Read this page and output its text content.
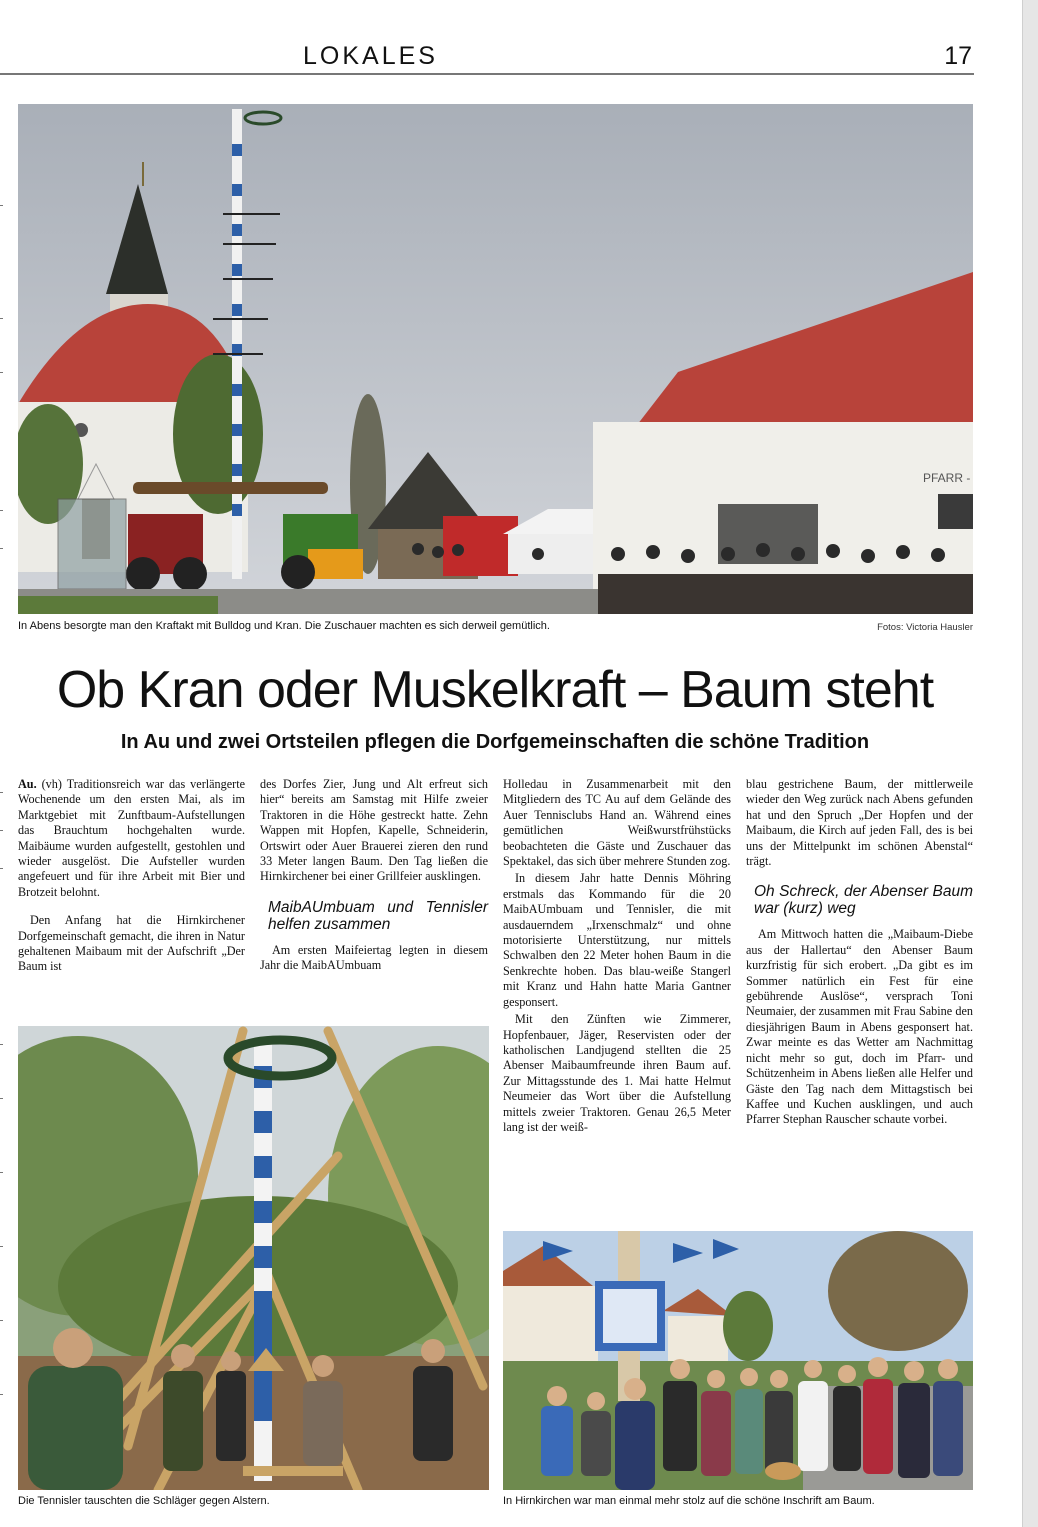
LOKALES	17
PFARR -
In Abens besorgte man den Kraftakt mit Bulldog und Kran. Die Zuschauer machten es sich derweil gemütlich.	Fotos: Victoria Hausler
Ob Kran oder Muskelkraft – Baum steht
In Au und zwei Ortsteilen pflegen die Dorfgemeinschaften die schöne Tradition

Au. (vh) Traditionsreich war das verlängerte Wochenende um den ersten Mai, als im Marktgebiet mit Zunftbaum-Aufstellungen das Brauchtum hochgehalten wurde. Maibäume wurden aufgestellt, gestohlen und wieder ausgelöst. Die Aufsteller wurden angefeuert und für ihre Arbeit mit Bier und Brotzeit belohnt.

Den Anfang hat die Hirnkirchener Dorfgemeinschaft gemacht, die ihren in Natur gehaltenen Maibaum mit der Aufschrift „Der Baum ist

des Dorfes Zier, Jung und Alt erfreut sich hier“ bereits am Samstag mit Hilfe zweier Traktoren in die Höhe gestreckt hatte. Zehn Wappen mit Hopfen, Kapelle, Schneiderin, Ortswirt oder Auer Brauerei zieren den rund 33 Meter langen Baum. Den Tag ließen die Hirnkirchener bei einer Grillfeier ausklingen.

MaibAUmbuam und Tennisler helfen zusammen

Am ersten Maifeiertag legten in diesem Jahr die MaibAUmbuam

Holledau in Zusammenarbeit mit den Mitgliedern des TC Au auf dem Gelände des Auer Tennisclubs Hand an. Während eines gemütlichen Weißwurstfrühstücks beobachteten die Gäste und Zuschauer das Spektakel, das sich über mehrere Stunden zog.

In diesem Jahr hatte Dennis Möhring erstmals das Kommando für die 20 MaibAUmbuam und Tennisler, die mit ausdauerndem „Irxenschmalz“ und ohne motorisierte Unterstützung, nur mittels Schwalben den 22 Meter hohen Baum in die Senkrechte hoben. Das blau-weiße Stangerl mit Kranz und Hahn hatte Maria Gantner gesponsert.

Mit den Zünften wie Zimmerer, Hopfenbauer, Jäger, Reservisten oder der katholischen Landjugend stellten die 25 Abenser Maibaumfreunde ihren Baum auf. Zur Mittagsstunde des 1. Mai hatte Helmut Neumeier das Wort über die Aufstellung mittels zweier Traktoren. Genau 26,5 Meter lang ist der weiß-

blau gestrichene Baum, der mittlerweile wieder den Weg zurück nach Abens gefunden hat und den Spruch „Der Hopfen und der Maibaum, die Kirch auf jeden Fall, des is bei uns der Mittelpunkt im schönen Abenstal“ trägt.

Oh Schreck, der Abenser Baum war (kurz) weg

Am Mittwoch hatten die „Maibaum-Diebe aus der Hallertau“ den Abenser Baum kurzfristig für sich erobert. „Da gibt es im Sommer natürlich ein Fest für eine gebührende Auslöse“, versprach Toni Neumaier, der zusammen mit Frau Sabine den diesjährigen Baum in Abens gesponsert hat. Zwar meinte es das Wetter am Nachmittag nicht mehr so gut, doch im Pfarr- und Schützenheim in Abens ließen alle Helfer und Gäste den Tag nach dem Mittagstisch bei Kaffee und Kuchen ausklingen, und auch Pfarrer Stephan Rauscher schaute vorbei.

Die Tennisler tauschten die Schläger gegen Alstern.	In Hirnkirchen war man einmal mehr stolz auf die schöne Inschrift am Baum.
